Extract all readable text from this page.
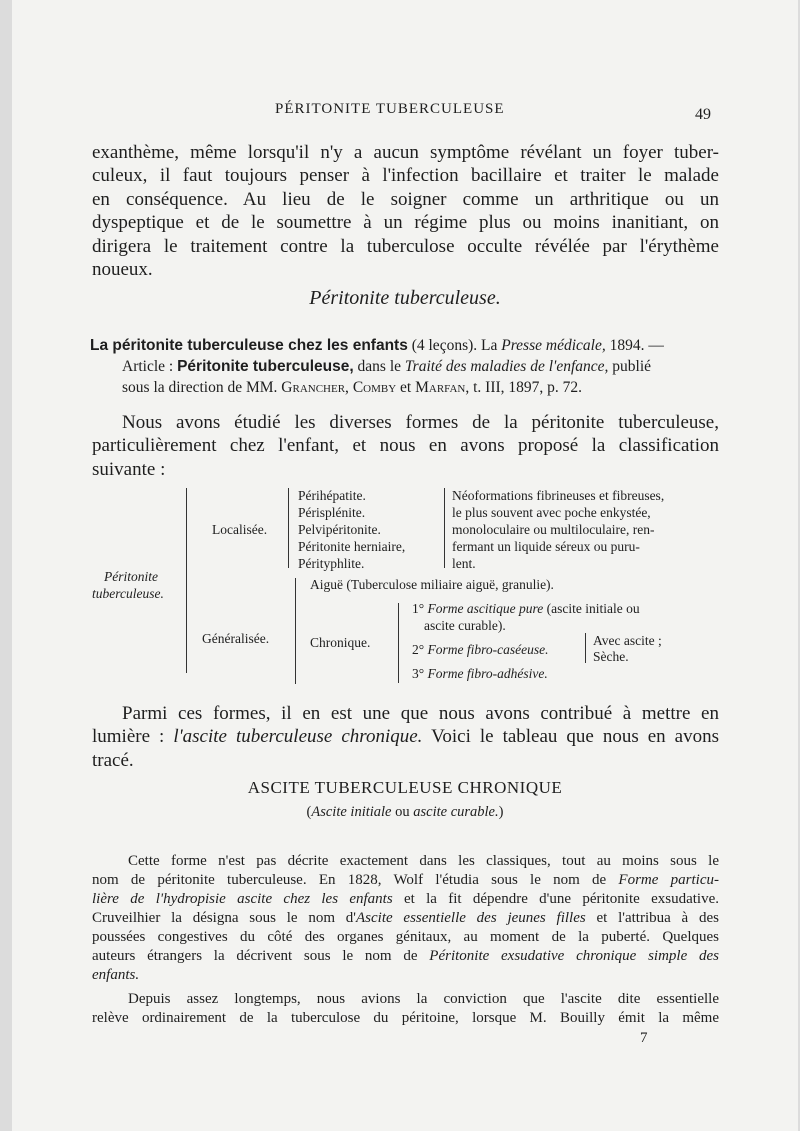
PÉRITONITE TUBERCULEUSE	49
exanthème, même lorsqu'il n'y a aucun symptôme révélant un foyer tuber-
culeux, il faut toujours penser à l'infection bacillaire et traiter le malade
en conséquence. Au lieu de le soigner comme un arthritique ou un
dyspeptique et de le soumettre à un régime plus ou moins inanitiant, on
dirigera le traitement contre la tuberculose occulte révélée par l'érythème
noueux.
Péritonite tuberculeuse.
La péritonite tuberculeuse chez les enfants (4 leçons). La Presse médicale, 1894. —
Article : Péritonite tuberculeuse, dans le Traité des maladies de l'enfance, publié
sous la direction de MM. Grancher, Comby et Marfan, t. III, 1897, p. 72.
Nous avons étudié les diverses formes de la péritonite tuberculeuse,
particulièrement chez l'enfant, et nous en avons proposé la classification
suivante :
Péritonite
tuberculeuse.
Localisée.
Périhépatite.
Périsplénite.
Pelvipéritonite.
Péritonite herniaire,
Pérityphlite.
Néoformations fibrineuses et fibreuses,
le plus souvent avec poche enkystée,
monoloculaire ou multiloculaire, ren-
fermant un liquide séreux ou puru-
lent.
Généralisée.
Aiguë (Tuberculose miliaire aiguë, granulie).
Chronique.
1° Forme ascitique pure (ascite initiale ou
ascite curable).
2° Forme fibro-caséeuse.
Avec ascite ;
Sèche.
3° Forme fibro-adhésive.
Parmi ces formes, il en est une que nous avons contribué à mettre en
lumière : l'ascite tuberculeuse chronique. Voici le tableau que nous en avons
tracé.
ASCITE TUBERCULEUSE CHRONIQUE
(Ascite initiale ou ascite curable.)
Cette forme n'est pas décrite exactement dans les classiques, tout au moins sous le
nom de péritonite tuberculeuse. En 1828, Wolf l'étudia sous le nom de Forme particu-
lière de l'hydropisie ascite chez les enfants et la fit dépendre d'une péritonite exsudative.
Cruveilhier la désigna sous le nom d'Ascite essentielle des jeunes filles et l'attribua à des
poussées congestives du côté des organes génitaux, au moment de la puberté. Quelques
auteurs étrangers la décrivent sous le nom de Péritonite exsudative chronique simple des
enfants.
Depuis assez longtemps, nous avions la conviction que l'ascite dite essentielle
relève ordinairement de la tuberculose du péritoine, lorsque M. Bouilly émit la même
7
